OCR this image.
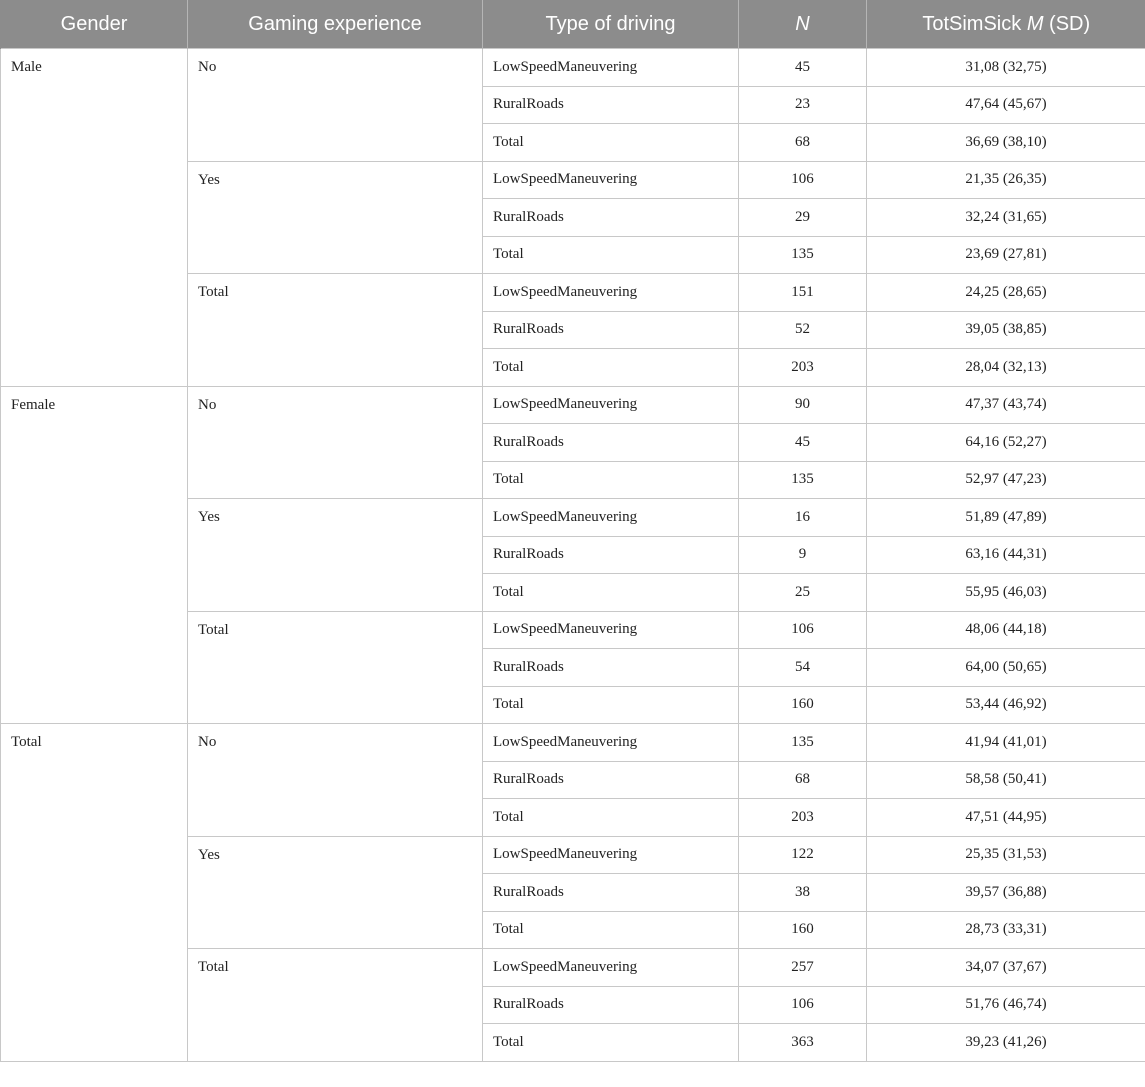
Gender	Gaming experience	Type of driving	N	TotSimSick M (SD)
Male	No	LowSpeedManeuvering	45	31,08 (32,75)
		RuralRoads	23	47,64 (45,67)
		Total	68	36,69 (38,10)
	Yes	LowSpeedManeuvering	106	21,35 (26,35)
		RuralRoads	29	32,24 (31,65)
		Total	135	23,69 (27,81)
	Total	LowSpeedManeuvering	151	24,25 (28,65)
		RuralRoads	52	39,05 (38,85)
		Total	203	28,04 (32,13)
Female	No	LowSpeedManeuvering	90	47,37 (43,74)
		RuralRoads	45	64,16 (52,27)
		Total	135	52,97 (47,23)
	Yes	LowSpeedManeuvering	16	51,89 (47,89)
		RuralRoads	9	63,16 (44,31)
		Total	25	55,95 (46,03)
	Total	LowSpeedManeuvering	106	48,06 (44,18)
		RuralRoads	54	64,00 (50,65)
		Total	160	53,44 (46,92)
Total	No	LowSpeedManeuvering	135	41,94 (41,01)
		RuralRoads	68	58,58 (50,41)
		Total	203	47,51 (44,95)
	Yes	LowSpeedManeuvering	122	25,35 (31,53)
		RuralRoads	38	39,57 (36,88)
		Total	160	28,73 (33,31)
	Total	LowSpeedManeuvering	257	34,07 (37,67)
		RuralRoads	106	51,76 (46,74)
		Total	363	39,23 (41,26)
